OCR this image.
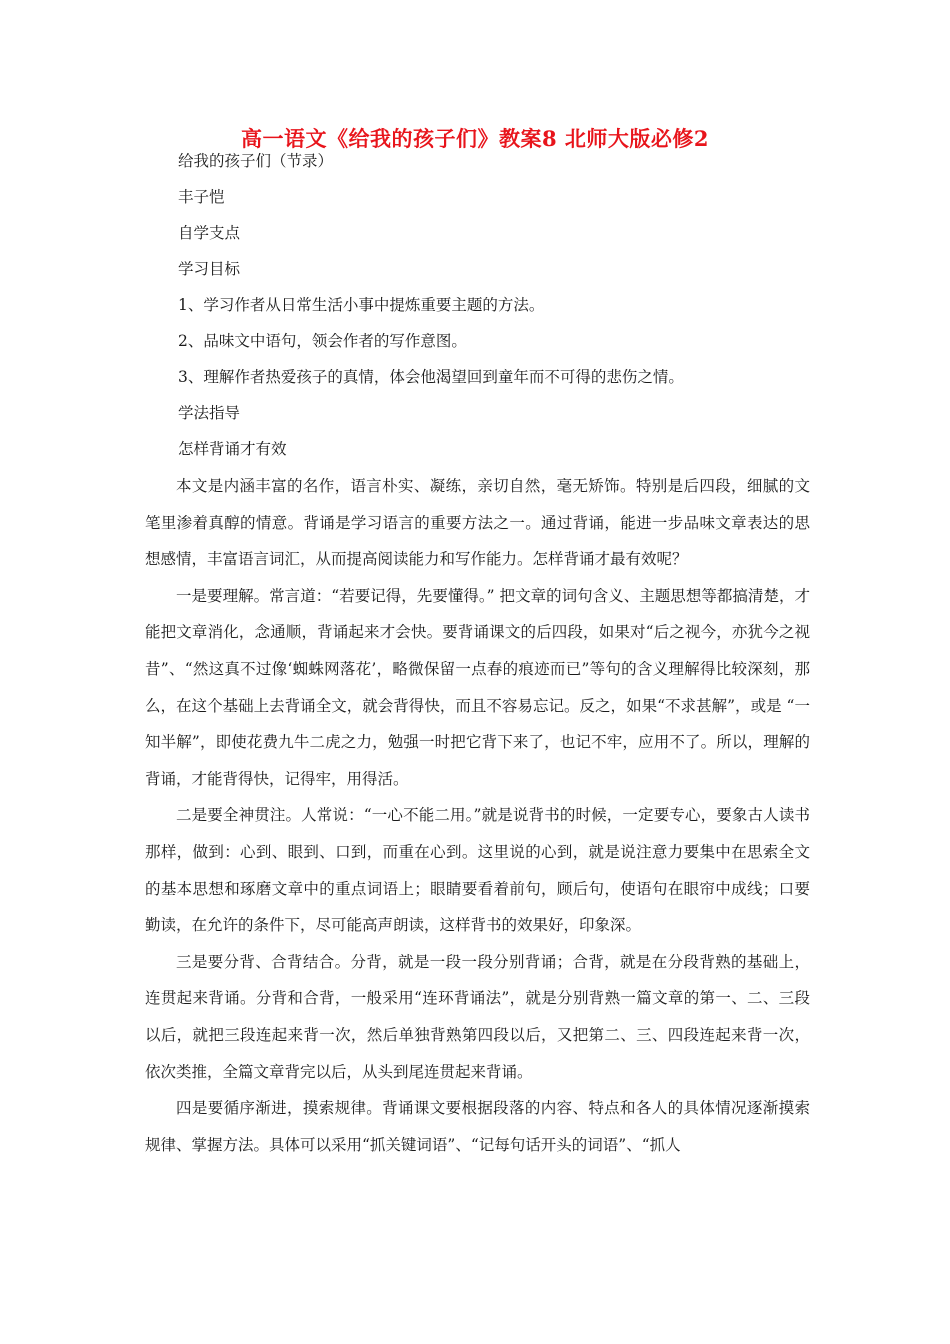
高一语文《给我的孩子们》教案8 北师大版必修2
给我的孩子们（节录）
丰子恺
自学支点
学习目标
1、学习作者从日常生活小事中提炼重要主题的方法。
2、品味文中语句，领会作者的写作意图。
3、理解作者热爱孩子的真情，体会他渴望回到童年而不可得的悲伤之情。
学法指导
怎样背诵才有效

本文是内涵丰富的名作，语言朴实、凝练，亲切自然，毫无矫饰。特别是后四段，细腻的文笔里渗着真醇的情意。背诵是学习语言的重要方法之一。通过背诵，能进一步品味文章表达的思想感情，丰富语言词汇，从而提高阅读能力和写作能力。怎样背诵才最有效呢？

一是要理解。常言道：“若要记得，先要懂得。” 把文章的词句含义、主题思想等都搞清楚，才能把文章消化，念通顺，背诵起来才会快。要背诵课文的后四段，如果对“后之视今，亦犹今之视昔”、“然这真不过像‘蜘蛛网落花’，略微保留一点春的痕迹而已”等句的含义理解得比较深刻，那么，在这个基础上去背诵全文，就会背得快，而且不容易忘记。反之，如果“不求甚解”，或是 “一知半解”，即使花费九牛二虎之力，勉强一时把它背下来了，也记不牢，应用不了。所以，理解的背诵，才能背得快，记得牢，用得活。

二是要全神贯注。人常说：“一心不能二用。”就是说背书的时候，一定要专心，要象古人读书那样，做到：心到、眼到、口到，而重在心到。这里说的心到，就是说注意力要集中在思索全文的基本思想和琢磨文章中的重点词语上；眼睛要看着前句，顾后句，使语句在眼帘中成线；口要勤读，在允许的条件下，尽可能高声朗读，这样背书的效果好，印象深。

三是要分背、合背结合。分背，就是一段一段分别背诵；合背，就是在分段背熟的基础上，连贯起来背诵。分背和合背，一般采用“连环背诵法”，就是分别背熟一篇文章的第一、二、三段以后，就把三段连起来背一次，然后单独背熟第四段以后，又把第二、三、四段连起来背一次，依次类推，全篇文章背完以后，从头到尾连贯起来背诵。

四是要循序渐进，摸索规律。背诵课文要根据段落的内容、特点和各人的具体情况逐渐摸索规律、掌握方法。具体可以采用“抓关键词语”、“记每句话开头的词语”、“抓人
